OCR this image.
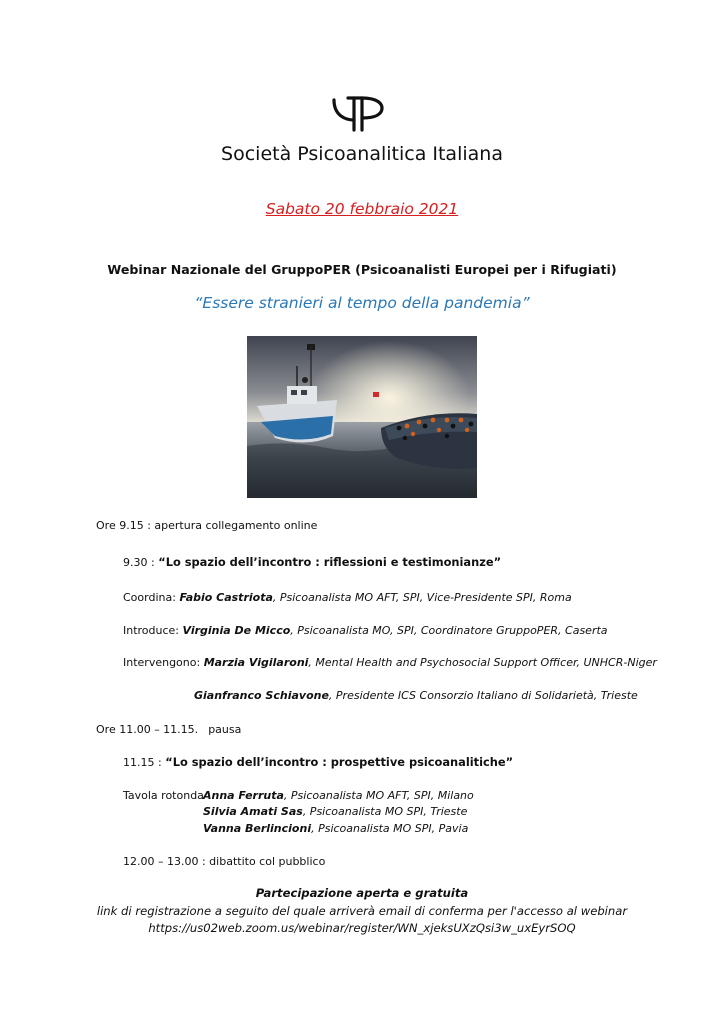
Società Psicoanalitica Italiana
Sabato 20 febbraio 2021
Webinar Nazionale del GruppoPER (Psicoanalisti Europei per i Rifugiati)
“Essere stranieri al tempo della pandemia”
Ore 9.15 : apertura collegamento online
9.30 : “Lo spazio dell’incontro : riflessioni e testimonianze”
Coordina: Fabio Castriota, Psicoanalista MO AFT, SPI, Vice-Presidente SPI, Roma
Introduce: Virginia De Micco, Psicoanalista MO, SPI, Coordinatore GruppoPER, Caserta
Intervengono: Marzia Vigilaroni, Mental Health and Psychosocial Support Officer, UNHCR-Niger
Gianfranco Schiavone, Presidente ICS Consorzio Italiano di Solidarietà, Trieste
Ore 11.00 – 11.15. pausa
11.15 : “Lo spazio dell’incontro : prospettive psicoanalitiche”
Tavola rotonda :
Anna Ferruta, Psicoanalista MO AFT, SPI, Milano
Silvia Amati Sas, Psicoanalista MO SPI, Trieste
Vanna Berlincioni, Psicoanalista MO SPI, Pavia
12.00 – 13.00 : dibattito col pubblico
Partecipazione aperta e gratuita
link di registrazione a seguito del quale arriverà email di conferma per l'accesso al webinar
https://us02web.zoom.us/webinar/register/WN_xjeksUXzQsi3w_uxEyrSOQ
